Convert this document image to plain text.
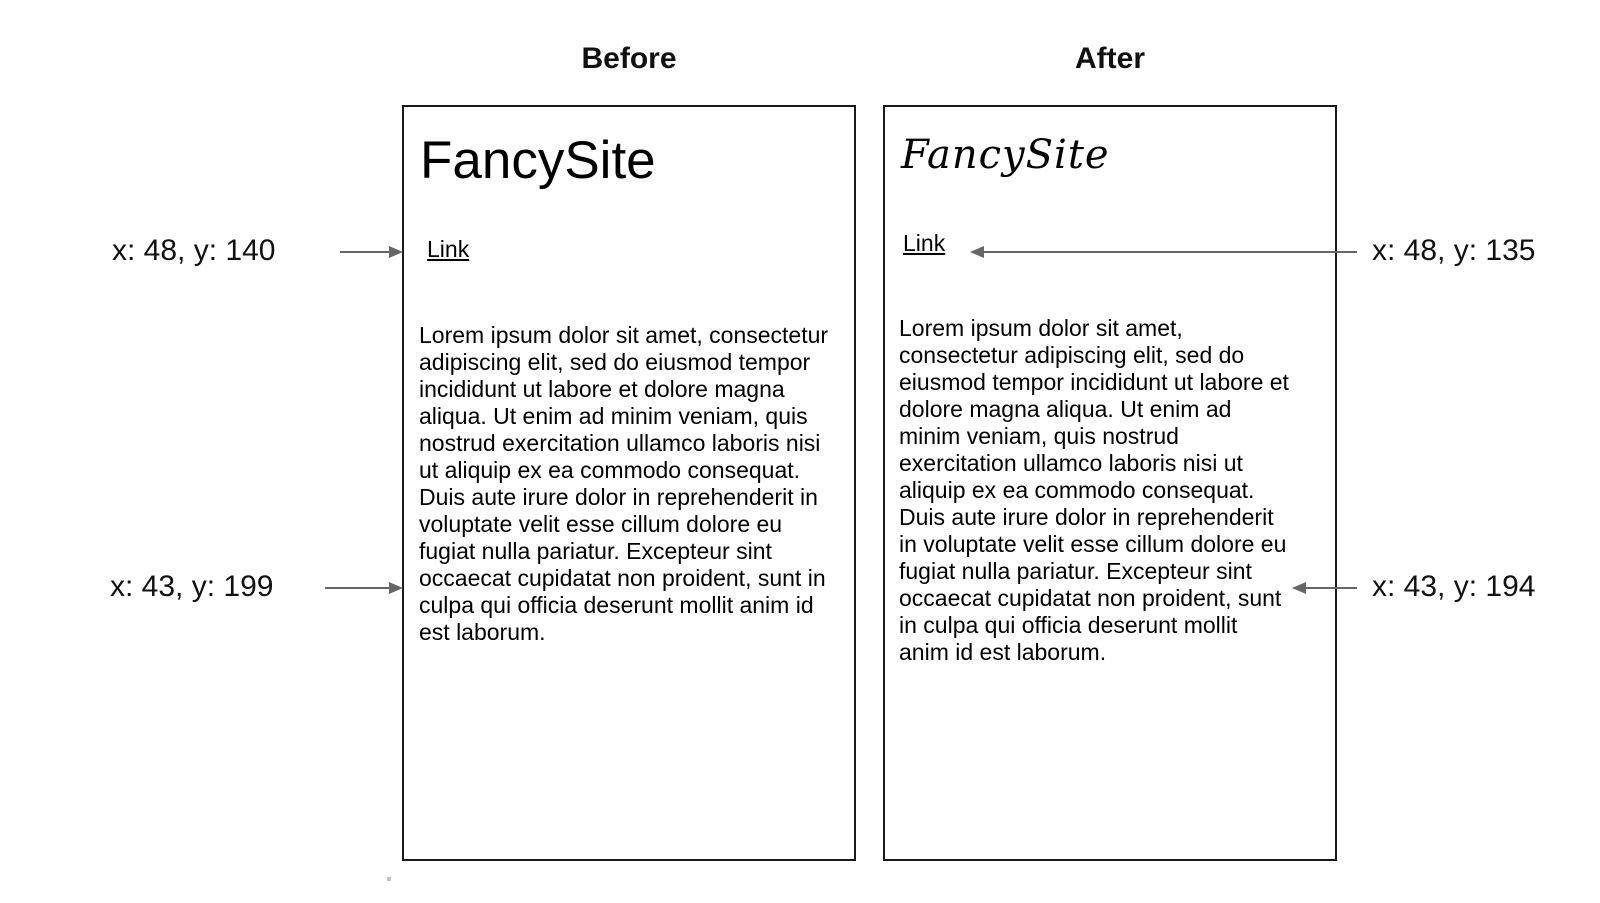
Before	After
FancySite
Link
Lorem ipsum dolor sit amet, consectetur adipiscing elit, sed do eiusmod tempor incididunt ut labore et dolore magna aliqua. Ut enim ad minim veniam, quis nostrud exercitation ullamco laboris nisi ut aliquip ex ea commodo consequat. Duis aute irure dolor in reprehenderit in voluptate velit esse cillum dolore eu fugiat nulla pariatur. Excepteur sint occaecat cupidatat non proident, sunt in culpa qui officia deserunt mollit anim id est laborum.
FancySite
Link
Lorem ipsum dolor sit amet, consectetur adipiscing elit, sed do eiusmod tempor incididunt ut labore et dolore magna aliqua. Ut enim ad minim veniam, quis nostrud exercitation ullamco laboris nisi ut aliquip ex ea commodo consequat. Duis aute irure dolor in reprehenderit in voluptate velit esse cillum dolore eu fugiat nulla pariatur. Excepteur sint occaecat cupidatat non proident, sunt in culpa qui officia deserunt mollit anim id est laborum.
x: 48, y: 140
x: 43, y: 199
x: 48, y: 135
x: 43, y: 194
